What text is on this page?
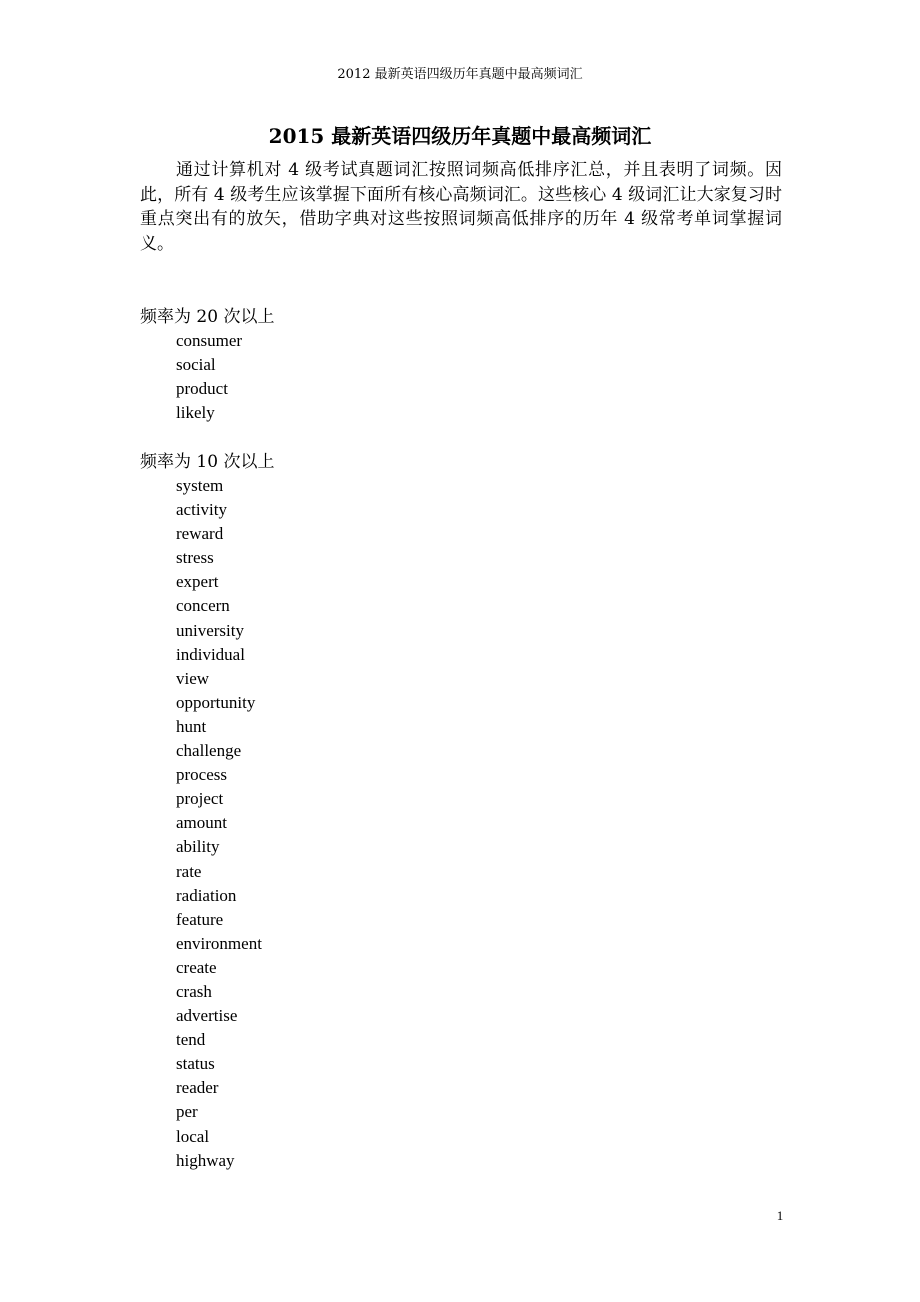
2012 最新英语四级历年真题中最高频词汇
2015 最新英语四级历年真题中最高频词汇

通过计算机对 4 级考试真题词汇按照词频高低排序汇总，并且表明了词频。因此，所有 4 级考生应该掌握下面所有核心高频词汇。这些核心 4 级词汇让大家复习时重点突出有的放矢，借助字典对这些按照词频高低排序的历年 4 级常考单词掌握词义。

频率为 20 次以上

consumer
social
product
likely

频率为 10 次以上

system
activity
reward
stress
expert
concern
university
individual
view
opportunity
hunt
challenge
process
project
amount
ability
rate
radiation
feature
environment
create
crash
advertise
tend
status
reader
per
local
highway
1
